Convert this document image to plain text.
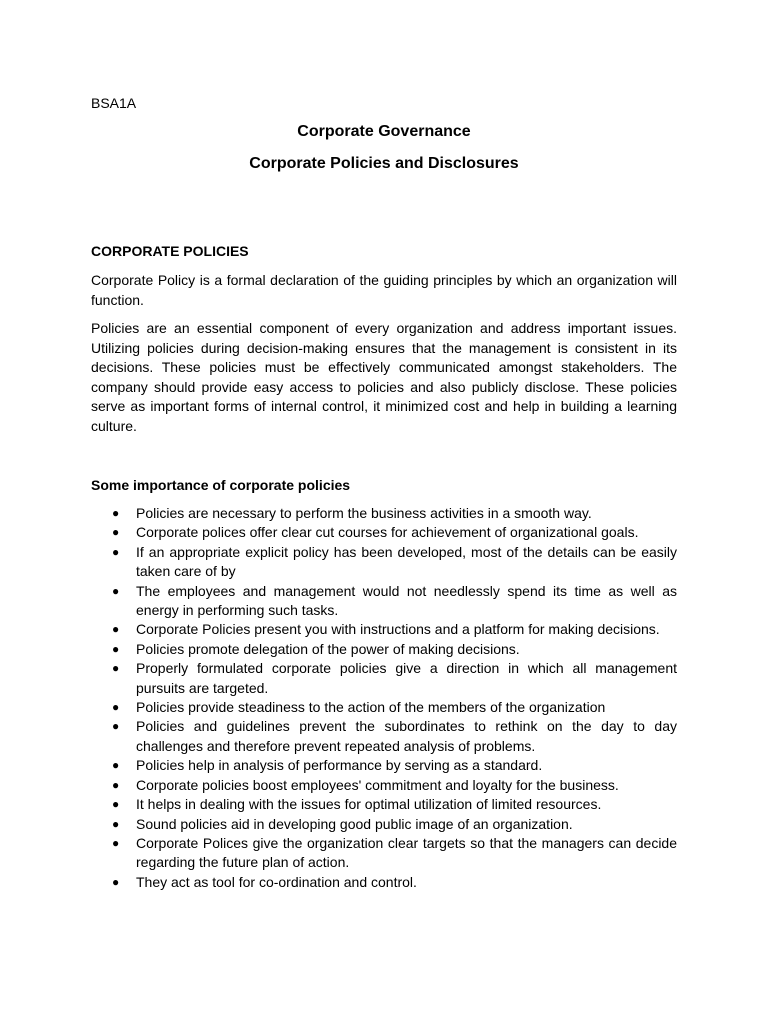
BSA1A

Corporate Governance
Corporate Policies and Disclosures
CORPORATE POLICIES

Corporate Policy is a formal declaration of the guiding principles by which an organization will function.

Policies are an essential component of every organization and address important issues. Utilizing policies during decision-making ensures that the management is consistent in its decisions. These policies must be effectively communicated amongst stakeholders. The company should provide easy access to policies and also publicly disclose. These policies serve as important forms of internal control, it minimized cost and help in building a learning culture.

Some importance of corporate policies
● Policies are necessary to perform the business activities in a smooth way.
● Corporate polices offer clear cut courses for achievement of organizational goals.
● If an appropriate explicit policy has been developed, most of the details can be easily taken care of by
● The employees and management would not needlessly spend its time as well as energy in performing such tasks.
● Corporate Policies present you with instructions and a platform for making decisions.
● Policies promote delegation of the power of making decisions.
● Properly formulated corporate policies give a direction in which all management pursuits are targeted.
● Policies provide steadiness to the action of the members of the organization
● Policies and guidelines prevent the subordinates to rethink on the day to day challenges and therefore prevent repeated analysis of problems.
● Policies help in analysis of performance by serving as a standard.
● Corporate policies boost employees' commitment and loyalty for the business.
● It helps in dealing with the issues for optimal utilization of limited resources.
● Sound policies aid in developing good public image of an organization.
● Corporate Polices give the organization clear targets so that the managers can decide regarding the future plan of action.
● They act as tool for co-ordination and control.
